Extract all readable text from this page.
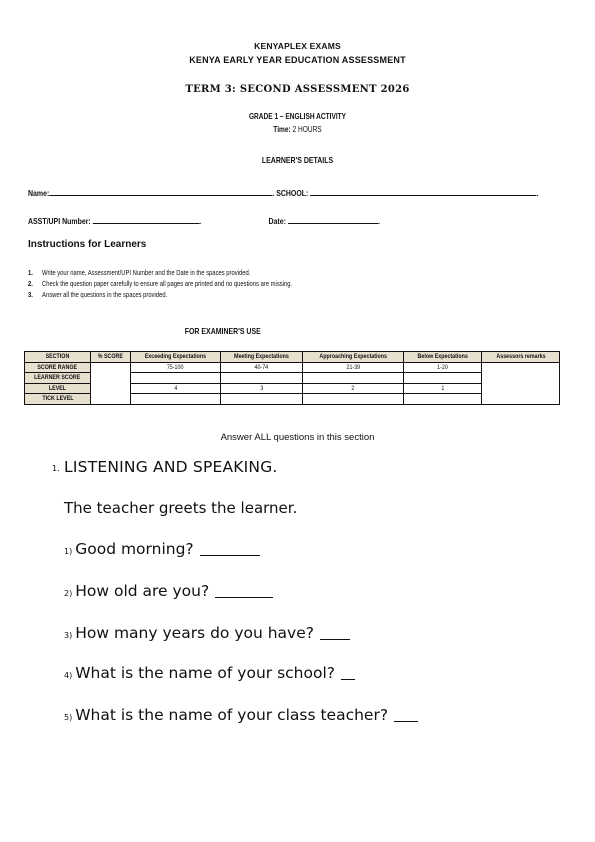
KENYAPLEX EXAMS
KENYA EARLY YEAR EDUCATION ASSESSMENT
TERM 3: SECOND ASSESSMENT 2026
GRADE 1 – ENGLISH ACTIVITY
Time: 2 HOURS
LEARNER'S DETAILS
Name:	. SCHOOL:	.
ASST/UPI Number:	.	Date:	.
Instructions for Learners
1. Write your name, Assessment/UPI Number and the Date in the spaces provided.
2. Check the question paper carefully to ensure all pages are printed and no questions are missing.
3. Answer all the questions in the spaces provided.
FOR EXAMINER'S USE
SECTION	% SCORE	Exceeding Expectations	Meeting Expectations	Approaching Expectations	Below Expectations	Assessors remarks
SCORE RANGE		75-100	40-74	21-39	1-20	
LEARNER SCORE						
LEVEL		4	3	2	1	
TICK LEVEL						
Answer ALL questions in this section
1. LISTENING AND SPEAKING.
The teacher greets the learner.
1) Good morning?
2) How old are you?
3) How many years do you have?
4) What is the name of your school?
5) What is the name of your class teacher?
